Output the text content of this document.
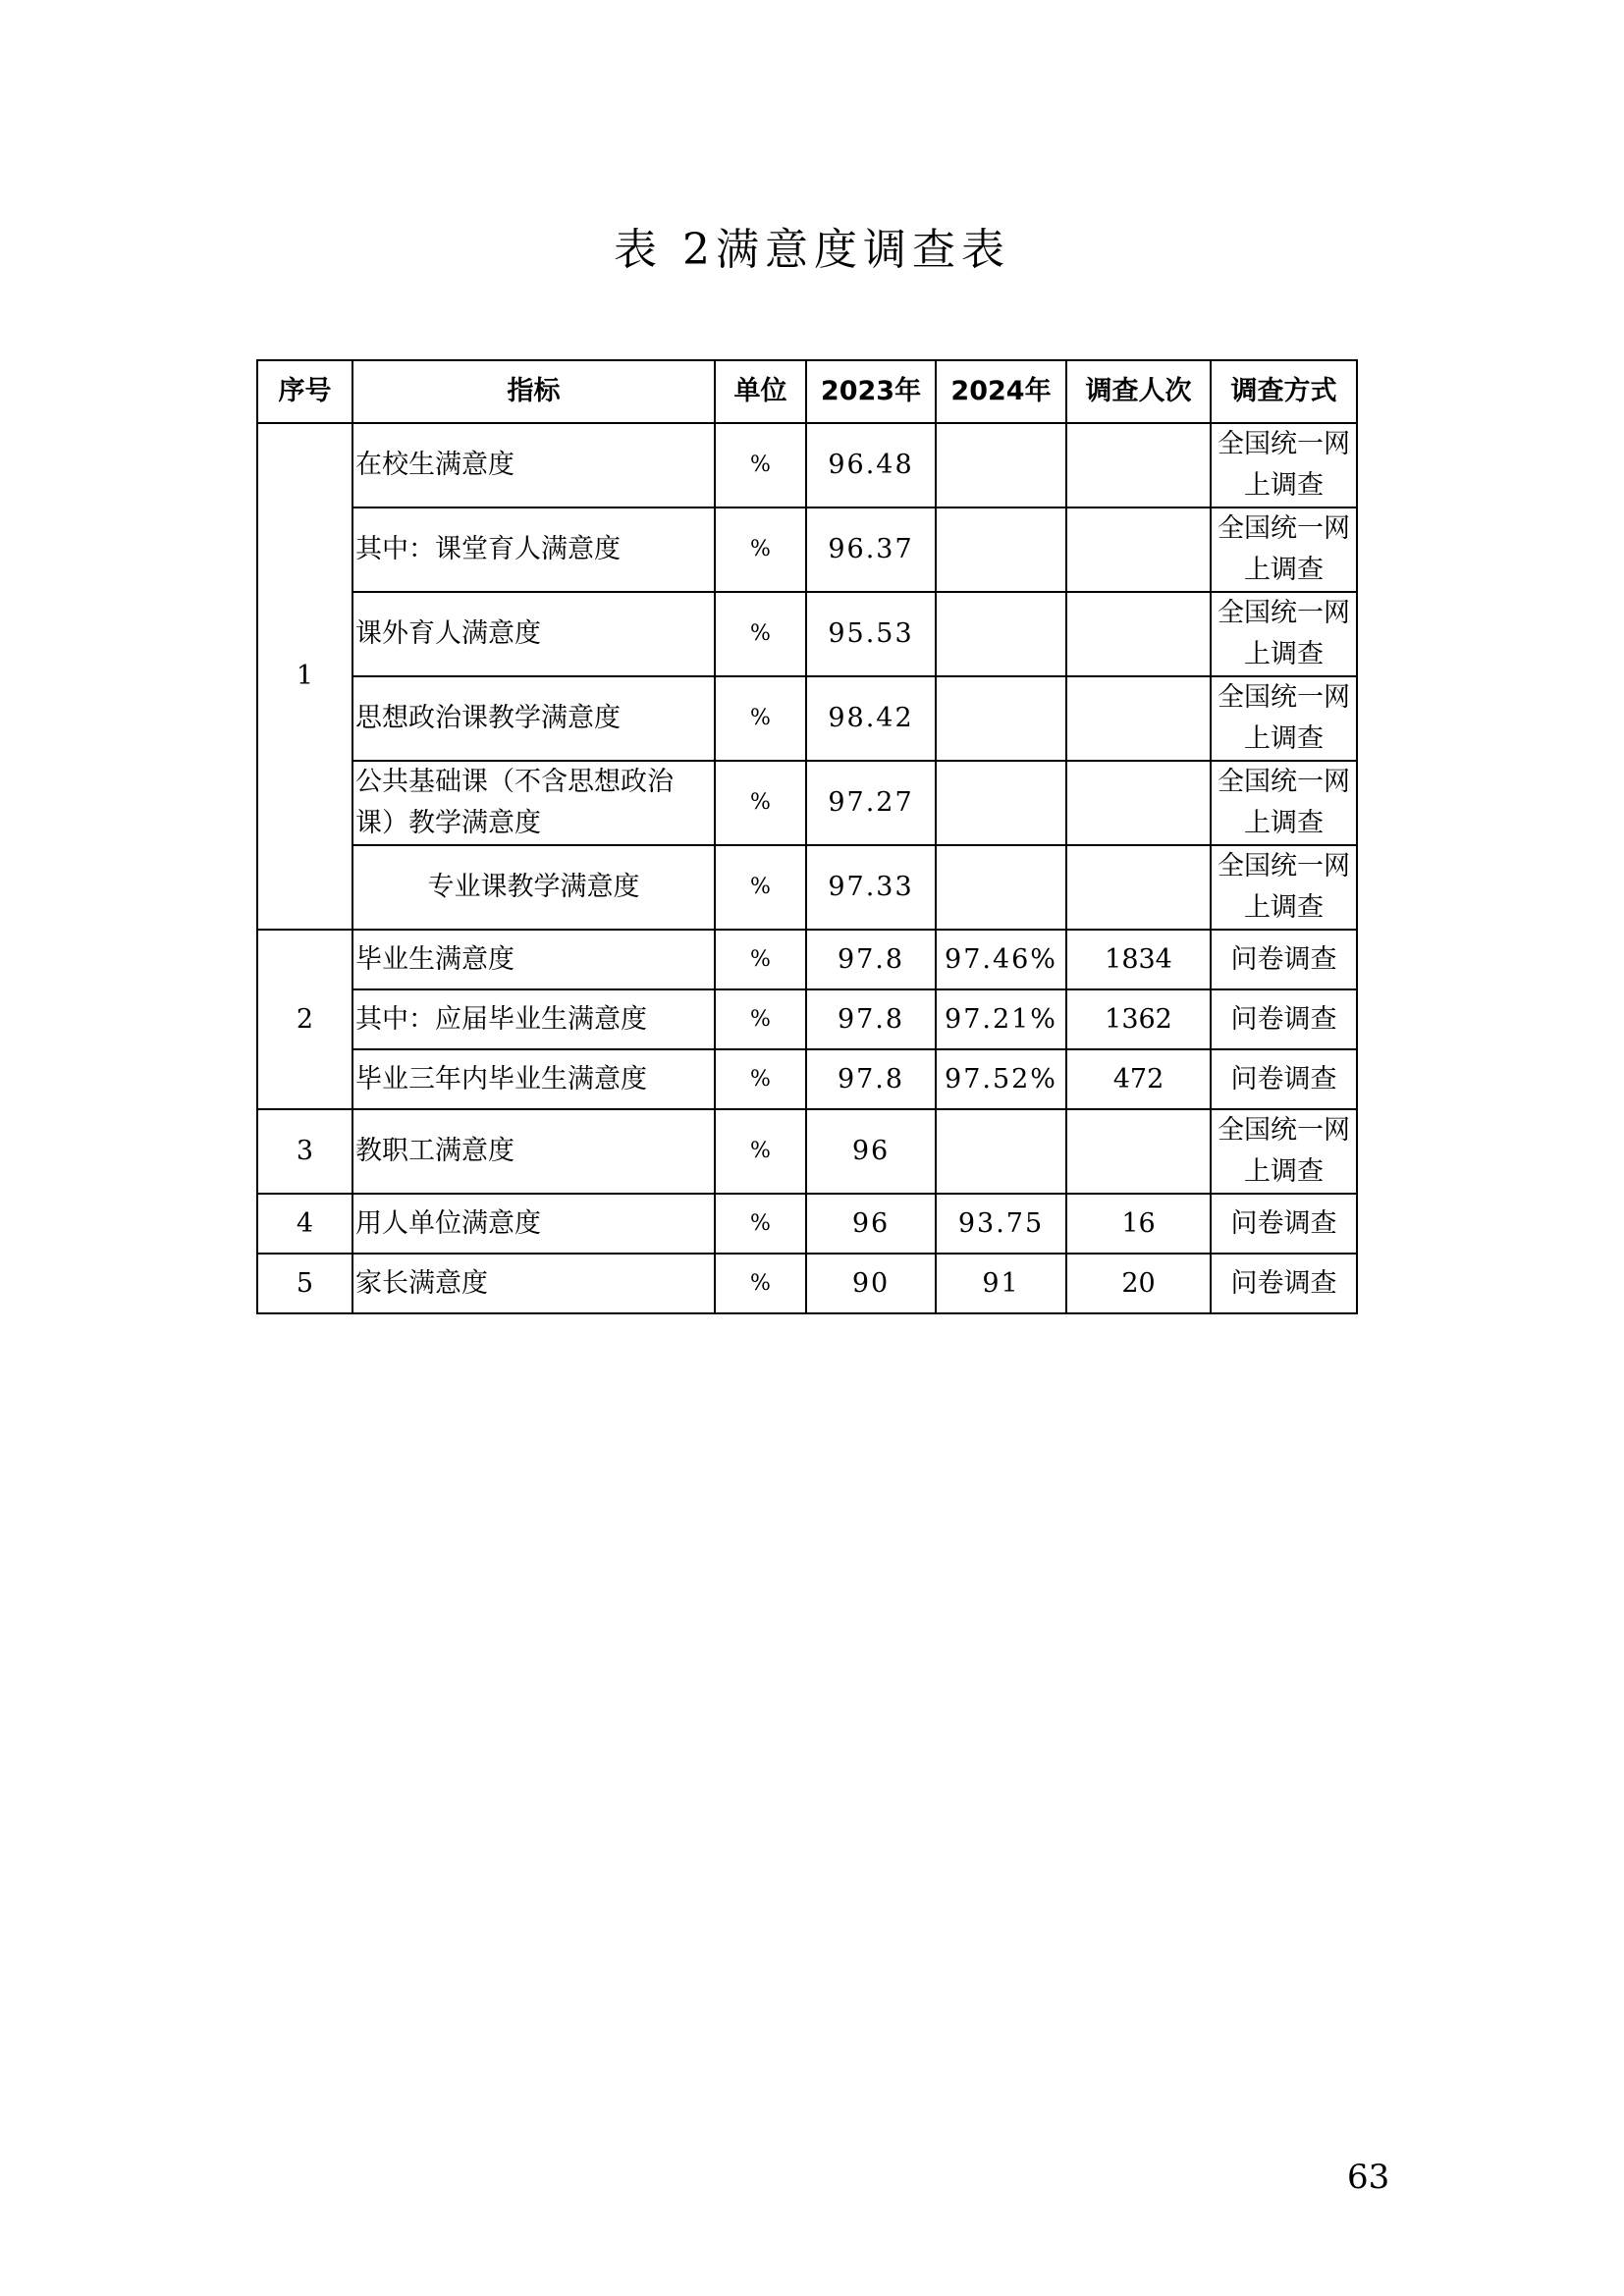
表 2满意度调查表
序号	指标	单位	2023年	2024年	调查人次	调查方式
1	在校生满意度	%	96.48			全国统一网上调查
	其中：课堂育人满意度	%	96.37			全国统一网上调查
	课外育人满意度	%	95.53			全国统一网上调查
	思想政治课教学满意度	%	98.42			全国统一网上调查
	公共基础课（不含思想政治课）教学满意度	%	97.27			全国统一网上调查
	专业课教学满意度	%	97.33			全国统一网上调查
2	毕业生满意度	%	97.8	97.46%	1834	问卷调查
	其中：应届毕业生满意度	%	97.8	97.21%	1362	问卷调查
	毕业三年内毕业生满意度	%	97.8	97.52%	472	问卷调查
3	教职工满意度	%	96			全国统一网上调查
4	用人单位满意度	%	96	93.75	16	问卷调查
5	家长满意度	%	90	91	20	问卷调查
63
